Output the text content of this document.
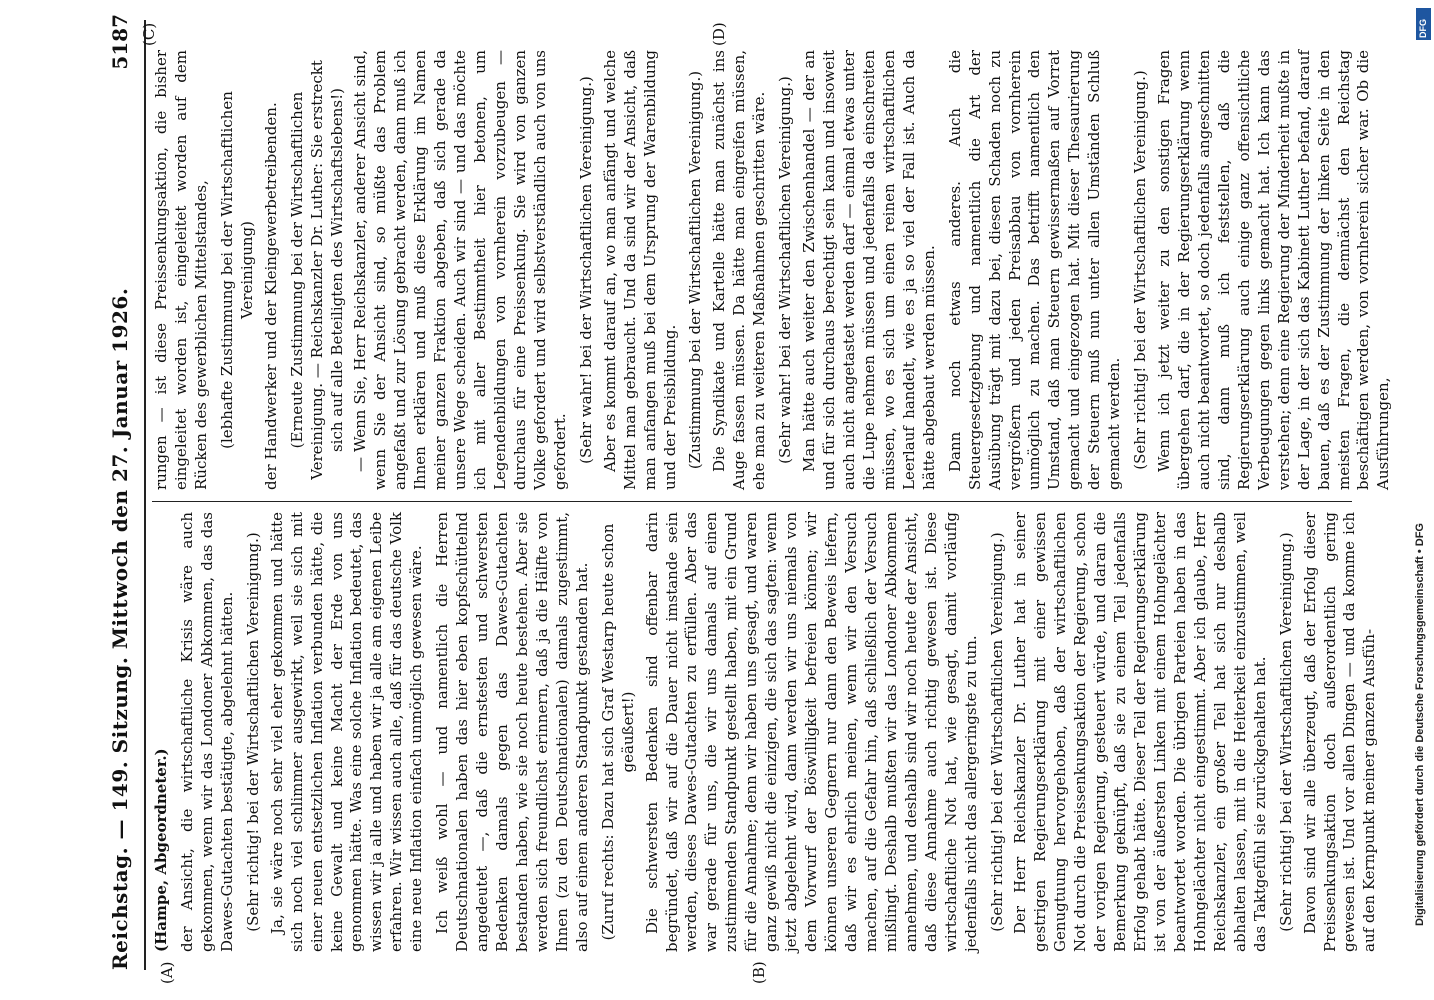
Reichstag. — 149. Sitzung. Mittwoch den 27. Januar 1926.
5187
(A)	(B)
(C)	(D)

(Hampe, Abgeordneter.) der Ansicht, die wirtschaftliche Krisis wäre auch gekommen, wenn wir das Londoner Abkommen, das das Dawes-Gutachten bestätigte, abgelehnt hätten. (Sehr richtig! bei der Wirtschaftlichen Vereinigung.) Ja, sie wäre noch sehr viel eher gekommen und hätte sich noch viel schlimmer ausgewirkt, weil sie sich mit einer neuen entsetzlichen Inflation verbunden hätte, die keine Gewalt und keine Macht der Erde von uns genommen hätte. Was eine solche Inflation bedeutet, das wissen wir ja alle und haben wir ja alle am eigenen Leibe erfahren. Wir wissen auch alle, daß für das deutsche Volk eine neue Inflation einfach unmöglich gewesen wäre. Ich weiß wohl — und namentlich die Herren Deutschnationalen haben das hier eben kopfschüttelnd angedeutet —, daß die ernstesten und schwersten Bedenken damals gegen das Dawes-Gutachten bestanden haben, wie sie noch heute bestehen. Aber sie werden sich freundlichst erinnern, daß ja die Hälfte von Ihnen (zu den Deutschnationalen) damals zugestimmt, also auf einem anderen Standpunkt gestanden hat. (Zuruf rechts: Dazu hat sich Graf Westarp heute schon geäußert!) Die schwersten Bedenken sind offenbar darin begründet, daß wir auf die Dauer nicht imstande sein werden, dieses Dawes-Gutachten zu erfüllen. Aber das war gerade für uns, die wir uns damals auf einen zustimmenden Standpunkt gestellt haben, mit ein Grund für die Annahme; denn wir haben uns gesagt, und waren ganz gewiß nicht die einzigen, die sich das sagten: wenn jetzt abgelehnt wird, dann werden wir uns niemals von dem Vorwurf der Böswilligkeit befreien können; wir können unseren Gegnern nur dann den Beweis liefern, daß wir es ehrlich meinen, wenn wir den Versuch machen, auf die Gefahr hin, daß schließlich der Versuch mißlingt. Deshalb mußten wir das Londoner Abkommen annehmen, und deshalb sind wir noch heute der Ansicht, daß diese Annahme auch richtig gewesen ist. Diese wirtschaftliche Not hat, wie gesagt, damit vorläufig jedenfalls nicht das allergeringste zu tun. (Sehr richtig! bei der Wirtschaftlichen Vereinigung.) Der Herr Reichskanzler Dr. Luther hat in seiner gestrigen Regierungserklärung mit einer gewissen Genugtuung hervorgehoben, daß der wirtschaftlichen Not durch die Preissenkungsaktion der Regierung, schon der vorigen Regierung, gesteuert würde, und daran die Bemerkung geknüpft, daß sie zu einem Teil jedenfalls Erfolg gehabt hätte. Dieser Teil der Regierungserklärung ist von der äußersten Linken mit einem Hohngelächter beantwortet worden. Die übrigen Parteien haben in das Hohngelächter nicht eingestimmt. Aber ich glaube, Herr Reichskanzler, ein großer Teil hat sich nur deshalb abhalten lassen, mit in die Heiterkeit einzustimmen, weil das Taktgefühl sie zurückgehalten hat. (Sehr richtig! bei der Wirtschaftlichen Vereinigung.) Davon sind wir alle überzeugt, daß der Erfolg dieser Preissenkungsaktion doch außerordentlich gering gewesen ist. Und vor allen Dingen — und da komme ich auf den Kernpunkt meiner ganzen Ausfüh-

rungen — ist diese Preissenkungsaktion, die bisher eingeleitet worden ist, eingeleitet worden auf dem Rücken des gewerblichen Mittelstandes, (lebhafte Zustimmung bei der Wirtschaftlichen Vereinigung) der Handwerker und der Kleingewerbetreibenden. (Erneute Zustimmung bei der Wirtschaftlichen Vereinigung. — Reichskanzler Dr. Luther: Sie erstreckt sich auf alle Beteiligten des Wirtschaftslebens!) — Wenn Sie, Herr Reichskanzler, anderer Ansicht sind, wenn Sie der Ansicht sind, so müßte das Problem angefaßt und zur Lösung gebracht werden, dann muß ich Ihnen erklären und muß diese Erklärung im Namen meiner ganzen Fraktion abgeben, daß sich gerade da unsere Wege scheiden. Auch wir sind — und das möchte ich mit aller Bestimmtheit hier betonen, um Legendenbildungen von vornherein vorzubeugen — durchaus für eine Preissenkung. Sie wird von ganzen Volke gefordert und wird selbstverständlich auch von uns gefordert. (Sehr wahr! bei der Wirtschaftlichen Vereinigung.) Aber es kommt darauf an, wo man anfängt und welche Mittel man gebraucht. Und da sind wir der Ansicht, daß man anfangen muß bei dem Ursprung der Warenbildung und der Preisbildung. (Zustimmung bei der Wirtschaftlichen Vereinigung.) Die Syndikate und Kartelle hätte man zunächst ins Auge fassen müssen. Da hätte man eingreifen müssen, ehe man zu weiteren Maßnahmen geschritten wäre. (Sehr wahr! bei der Wirtschaftlichen Vereinigung.) Man hätte auch weiter den Zwischenhandel — der an und für sich durchaus berechtigt sein kann und insoweit auch nicht angetastet werden darf — einmal etwas unter die Lupe nehmen müssen und jedenfalls da einschreiten müssen, wo es sich um einen reinen wirtschaftlichen Leerlauf handelt, wie es ja so viel der Fall ist. Auch da hätte abgebaut werden müssen. Dann noch etwas anderes. Auch die Steuergesetzgebung und namentlich die Art der Ausübung trägt mit dazu bei, diesen Schaden noch zu vergrößern und jeden Preisabbau von vornherein unmöglich zu machen. Das betrifft namentlich den Umstand, daß man Steuern gewissermaßen auf Vorrat gemacht und eingezogen hat. Mit dieser Thesaurierung der Steuern muß nun unter allen Umständen Schluß gemacht werden. (Sehr richtig! bei der Wirtschaftlichen Vereinigung.) Wenn ich jetzt weiter zu den sonstigen Fragen übergehen darf, die in der Regierungserklärung wenn auch nicht beantwortet, so doch jedenfalls angeschnitten sind, dann muß ich feststellen, daß die Regierungserklärung auch einige ganz offensichtliche Verbeugungen gegen links gemacht hat. Ich kann das verstehen; denn eine Regierung der Minderheit mußte in der Lage, in der sich das Kabinett Luther befand, darauf bauen, daß es der Zustimmung der linken Seite in den meisten Fragen, die demnächst den Reichstag beschäftigen werden, von vornherein sicher war. Ob die Ausführungen,

DFG
Digitalisierung gefördert durch die Deutsche Forschungsgemeinschaft • DFG
